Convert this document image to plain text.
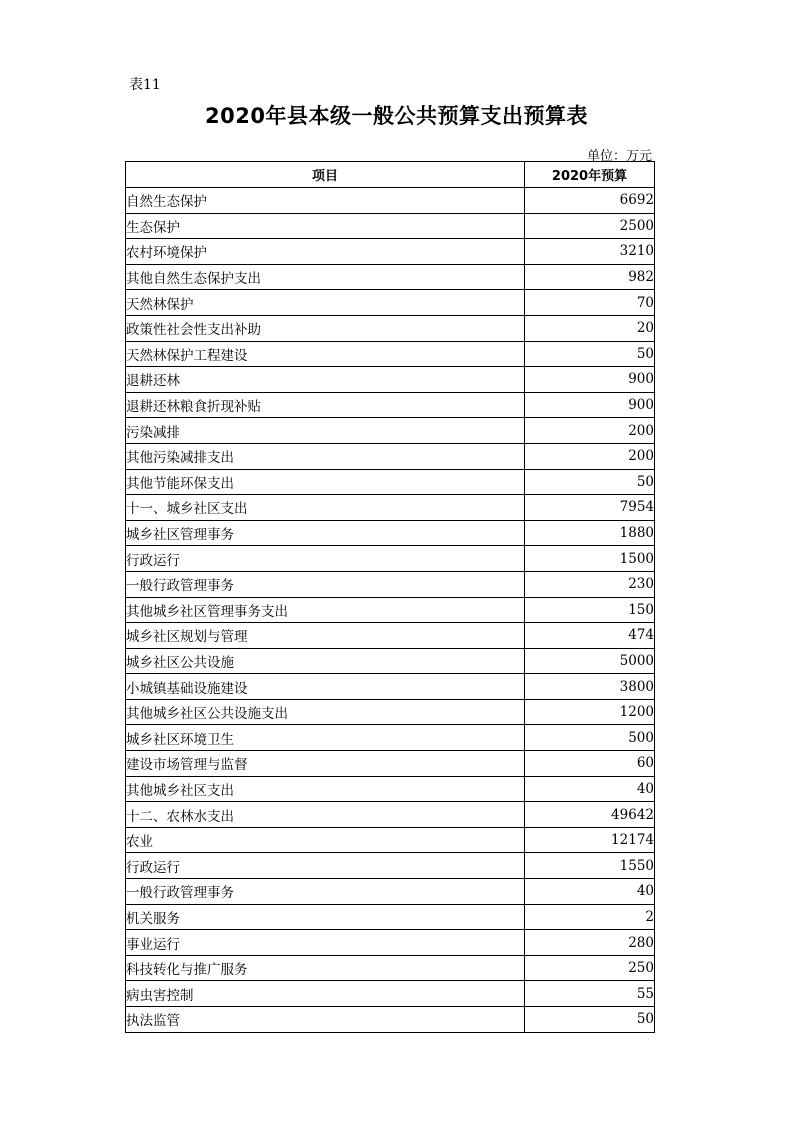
表11
2020年县本级一般公共预算支出预算表
单位：万元
项目	2020年预算
自然生态保护	6692
生态保护	2500
农村环境保护	3210
其他自然生态保护支出	982
天然林保护	70
政策性社会性支出补助	20
天然林保护工程建设	50
退耕还林	900
退耕还林粮食折现补贴	900
污染减排	200
其他污染减排支出	200
其他节能环保支出	50
十一、城乡社区支出	7954
城乡社区管理事务	1880
行政运行	1500
一般行政管理事务	230
其他城乡社区管理事务支出	150
城乡社区规划与管理	474
城乡社区公共设施	5000
小城镇基础设施建设	3800
其他城乡社区公共设施支出	1200
城乡社区环境卫生	500
建设市场管理与监督	60
其他城乡社区支出	40
十二、农林水支出	49642
农业	12174
行政运行	1550
一般行政管理事务	40
机关服务	2
事业运行	280
科技转化与推广服务	250
病虫害控制	55
执法监管	50
